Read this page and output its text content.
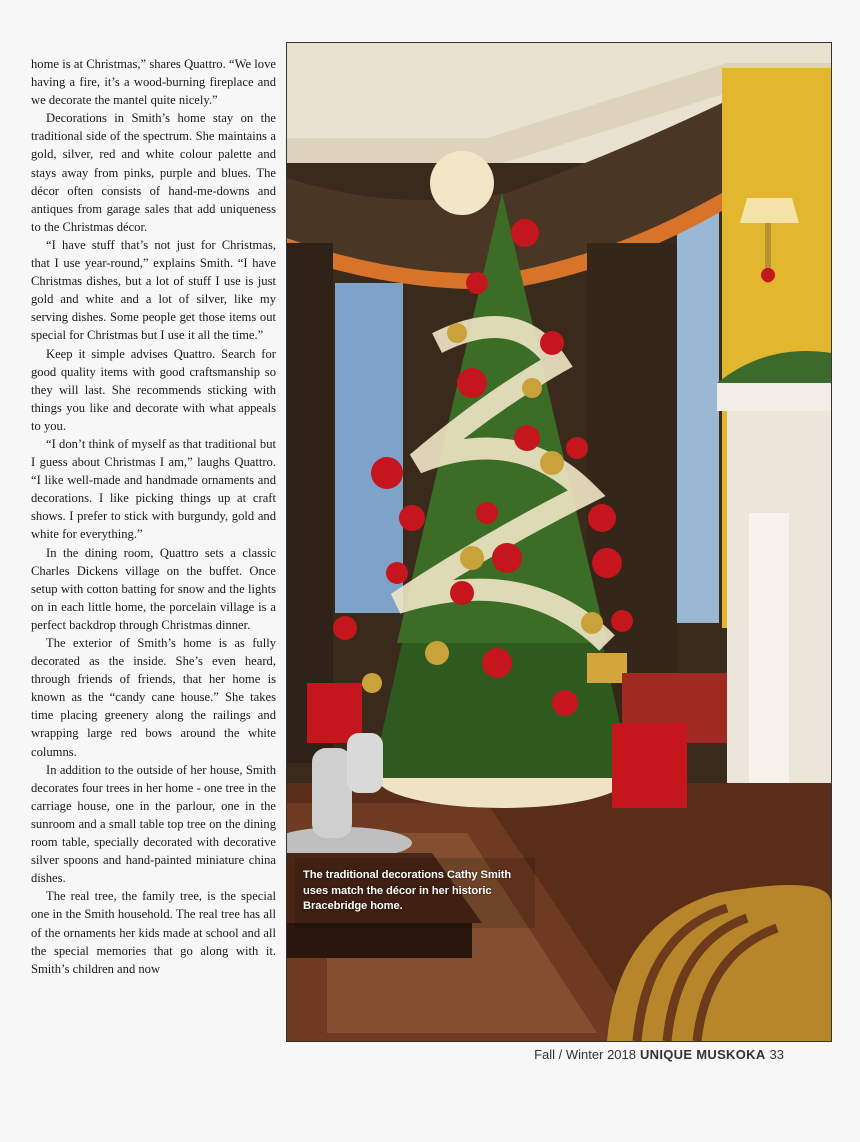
home is at Christmas,” shares Quattro. “We love having a fire, it’s a wood-burning fireplace and we decorate the mantel quite nicely.”

Decorations in Smith’s home stay on the traditional side of the spectrum. She maintains a gold, silver, red and white colour palette and stays away from pinks, purple and blues. The décor often consists of hand-me-downs and antiques from garage sales that add uniqueness to the Christmas décor.

“I have stuff that’s not just for Christmas, that I use year-round,” explains Smith. “I have Christmas dishes, but a lot of stuff I use is just gold and white and a lot of silver, like my serving dishes. Some people get those items out special for Christmas but I use it all the time.”

Keep it simple advises Quattro. Search for good quality items with good craftsmanship so they will last. She recommends sticking with things you like and decorate with what appeals to you.

“I don’t think of myself as that traditional but I guess about Christmas I am,” laughs Quattro. “I like well-made and handmade ornaments and decorations. I like picking things up at craft shows. I prefer to stick with burgundy, gold and white for everything.”

In the dining room, Quattro sets a classic Charles Dickens village on the buffet. Once setup with cotton batting for snow and the lights on in each little home, the porcelain village is a perfect backdrop through Christmas dinner.

The exterior of Smith’s home is as fully decorated as the inside. She’s even heard, through friends of friends, that her home is known as the “candy cane house.” She takes time placing greenery along the railings and wrapping large red bows around the white columns.

In addition to the outside of her house, Smith decorates four trees in her home - one tree in the carriage house, one in the parlour, one in the sunroom and a small table top tree on the dining room table, specially decorated with decorative silver spoons and hand-painted miniature china dishes.

The real tree, the family tree, is the special one in the Smith household. The real tree has all of the ornaments her kids made at school and all the special memories that go along with it. Smith’s children and now

The traditional decorations Cathy Smith uses match the décor in her historic Bracebridge home.
Fall / Winter 2018 UNIQUE MUSKOKA 33
